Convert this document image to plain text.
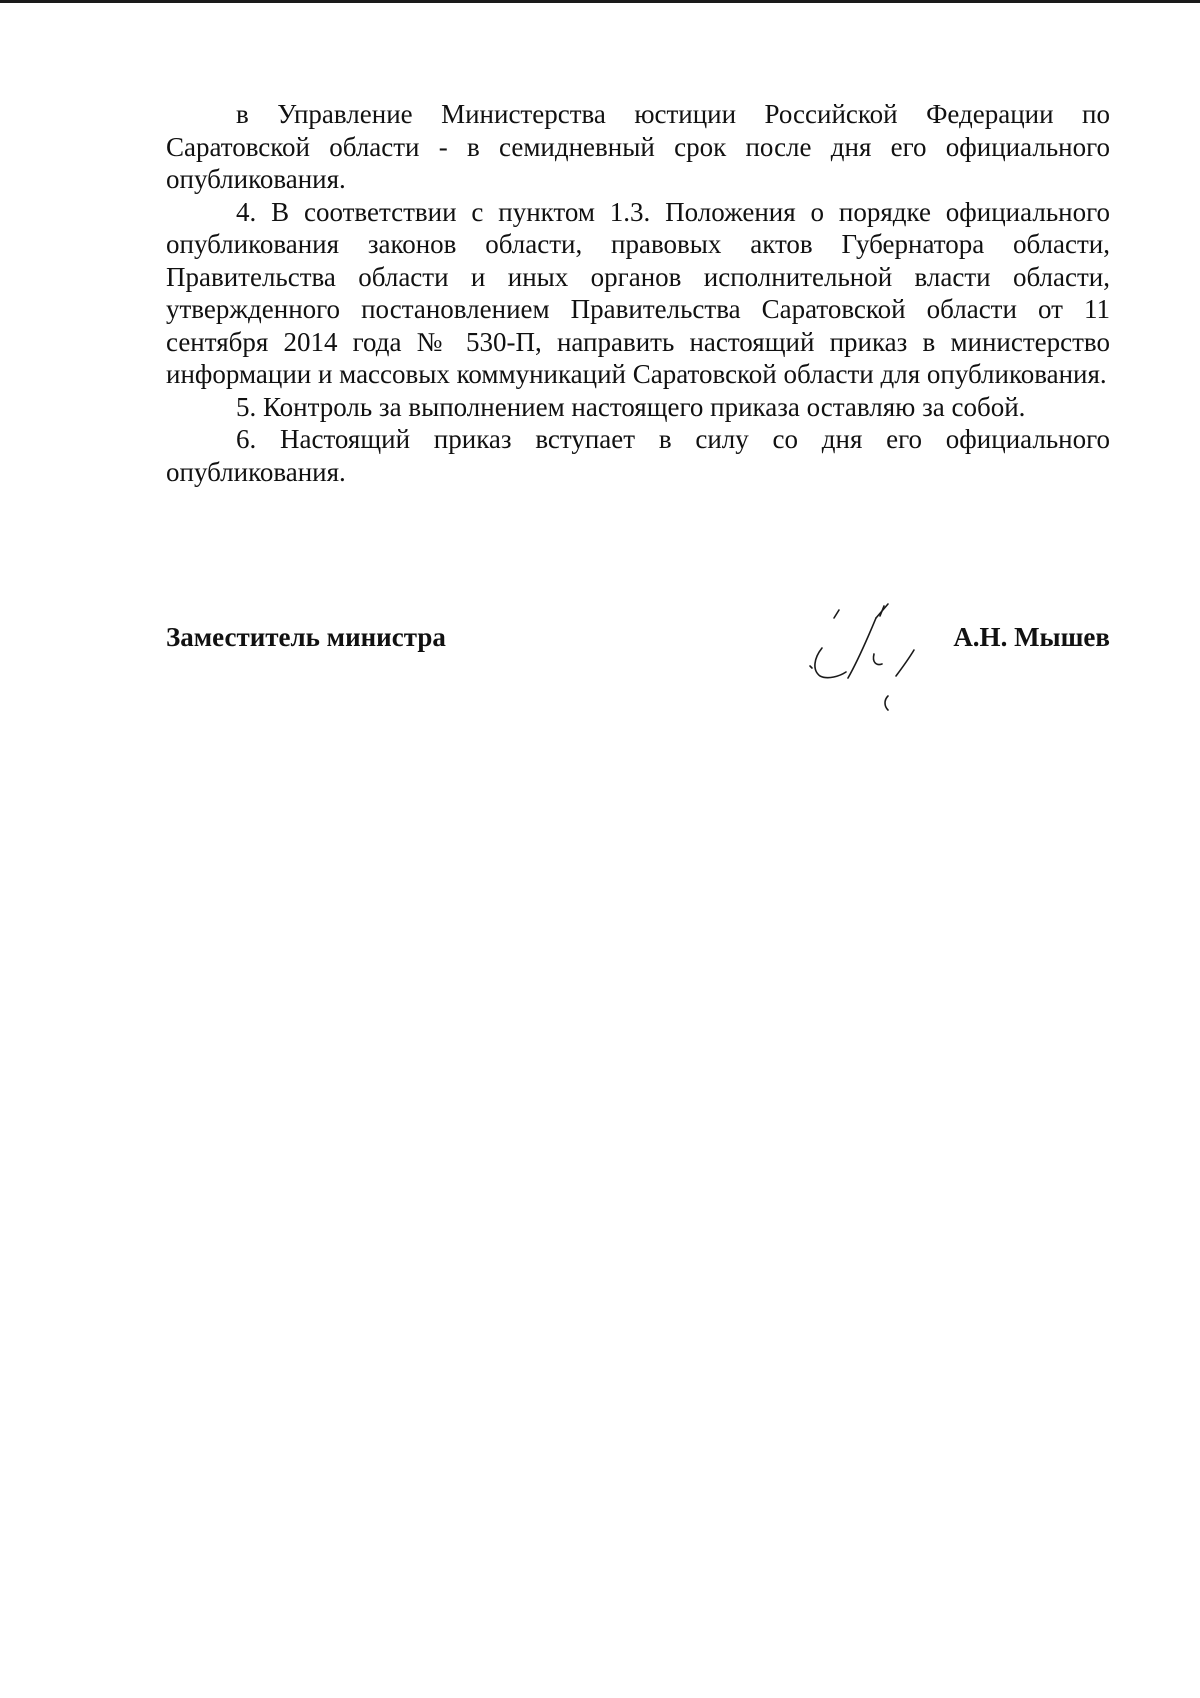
в Управление Министерства юстиции Российской Федерации по Саратовской области - в семидневный срок после дня его официального опубликования.

4. В соответствии с пунктом 1.3. Положения о порядке официального опубликования законов области, правовых актов Губернатора области, Правительства области и иных органов исполнительной власти области, утвержденного постановлением Правительства Саратовской области от 11 сентября 2014 года № 530-П, направить настоящий приказ в министерство информации и массовых коммуникаций Саратовской области для опубликования.

5. Контроль за выполнением настоящего приказа оставляю за собой.

6. Настоящий приказ вступает в силу со дня его официального опубликования.

Заместитель министра	А.Н. Мышев
